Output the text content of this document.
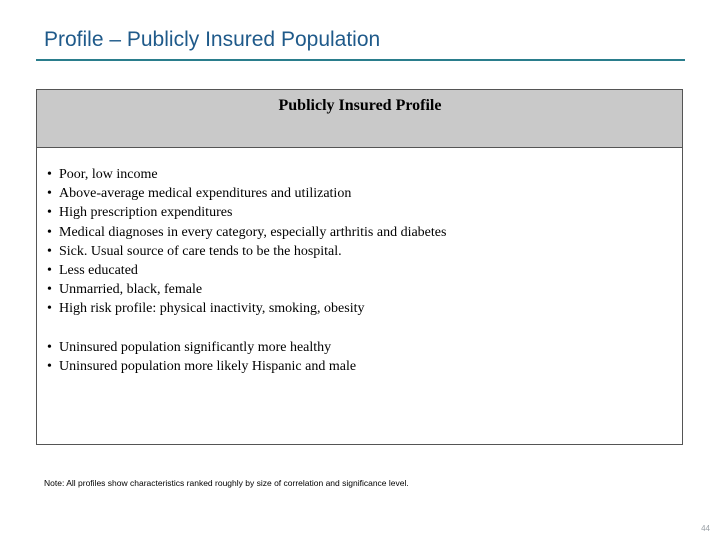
Profile – Publicly Insured Population
Publicly Insured Profile
• Poor, low income
• Above-average medical expenditures and utilization
• High prescription expenditures
• Medical diagnoses in every category, especially arthritis and diabetes
• Sick. Usual source of care tends to be the hospital.
• Less educated
• Unmarried, black, female
• High risk profile: physical inactivity, smoking, obesity
• Uninsured population significantly more healthy
• Uninsured population more likely Hispanic and male
Note: All profiles show characteristics ranked roughly by size of correlation and significance level.
44
